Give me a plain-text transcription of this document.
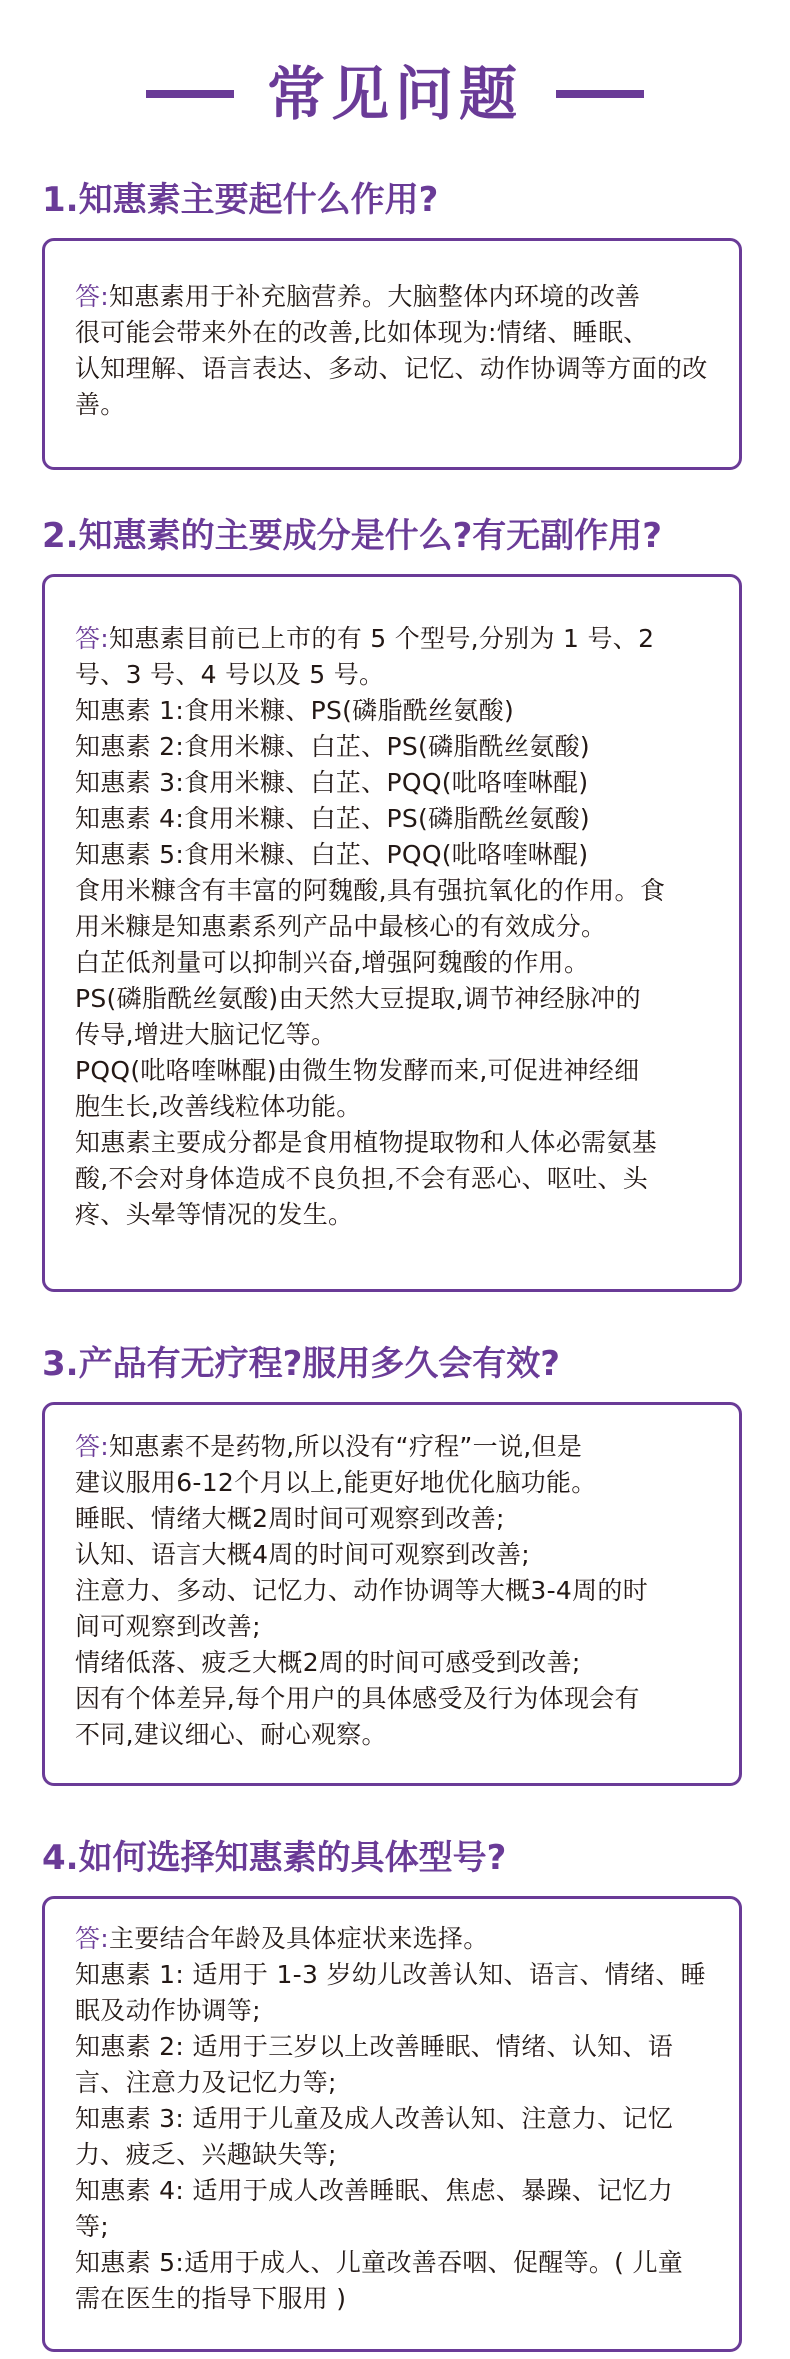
常见问题
1.知惠素主要起什么作用?
答:知惠素用于补充脑营养。大脑整体内环境的改善
很可能会带来外在的改善,比如体现为:情绪、睡眠、
认知理解、语言表达、多动、记忆、动作协调等方面的改
善。
2.知惠素的主要成分是什么?有无副作用?
答:知惠素目前已上市的有 5 个型号,分别为 1 号、2
号、3 号、4 号以及 5 号。
知惠素 1:食用米糠、PS(磷脂酰丝氨酸)
知惠素 2:食用米糠、白芷、PS(磷脂酰丝氨酸)
知惠素 3:食用米糠、白芷、PQQ(吡咯喹啉醌)
知惠素 4:食用米糠、白芷、PS(磷脂酰丝氨酸)
知惠素 5:食用米糠、白芷、PQQ(吡咯喹啉醌)
食用米糠含有丰富的阿魏酸,具有强抗氧化的作用。食
用米糠是知惠素系列产品中最核心的有效成分。
白芷低剂量可以抑制兴奋,增强阿魏酸的作用。
PS(磷脂酰丝氨酸)由天然大豆提取,调节神经脉冲的
传导,增进大脑记忆等。
PQQ(吡咯喹啉醌)由微生物发酵而来,可促进神经细
胞生长,改善线粒体功能。
知惠素主要成分都是食用植物提取物和人体必需氨基
酸,不会对身体造成不良负担,不会有恶心、呕吐、头
疼、头晕等情况的发生。
3.产品有无疗程?服用多久会有效?
答:知惠素不是药物,所以没有“疗程”一说,但是
建议服用6-12个月以上,能更好地优化脑功能。
睡眠、情绪大概2周时间可观察到改善;
认知、语言大概4周的时间可观察到改善;
注意力、多动、记忆力、动作协调等大概3-4周的时
间可观察到改善;
情绪低落、疲乏大概2周的时间可感受到改善;
因有个体差异,每个用户的具体感受及行为体现会有
不同,建议细心、耐心观察。
4.如何选择知惠素的具体型号?
答:主要结合年龄及具体症状来选择。
知惠素 1: 适用于 1-3 岁幼儿改善认知、语言、情绪、睡
眠及动作协调等;
知惠素 2: 适用于三岁以上改善睡眠、情绪、认知、语
言、注意力及记忆力等;
知惠素 3: 适用于儿童及成人改善认知、注意力、记忆
力、疲乏、兴趣缺失等;
知惠素 4: 适用于成人改善睡眠、焦虑、暴躁、记忆力
等;
知惠素 5:适用于成人、儿童改善吞咽、促醒等。( 儿童
需在医生的指导下服用 )
